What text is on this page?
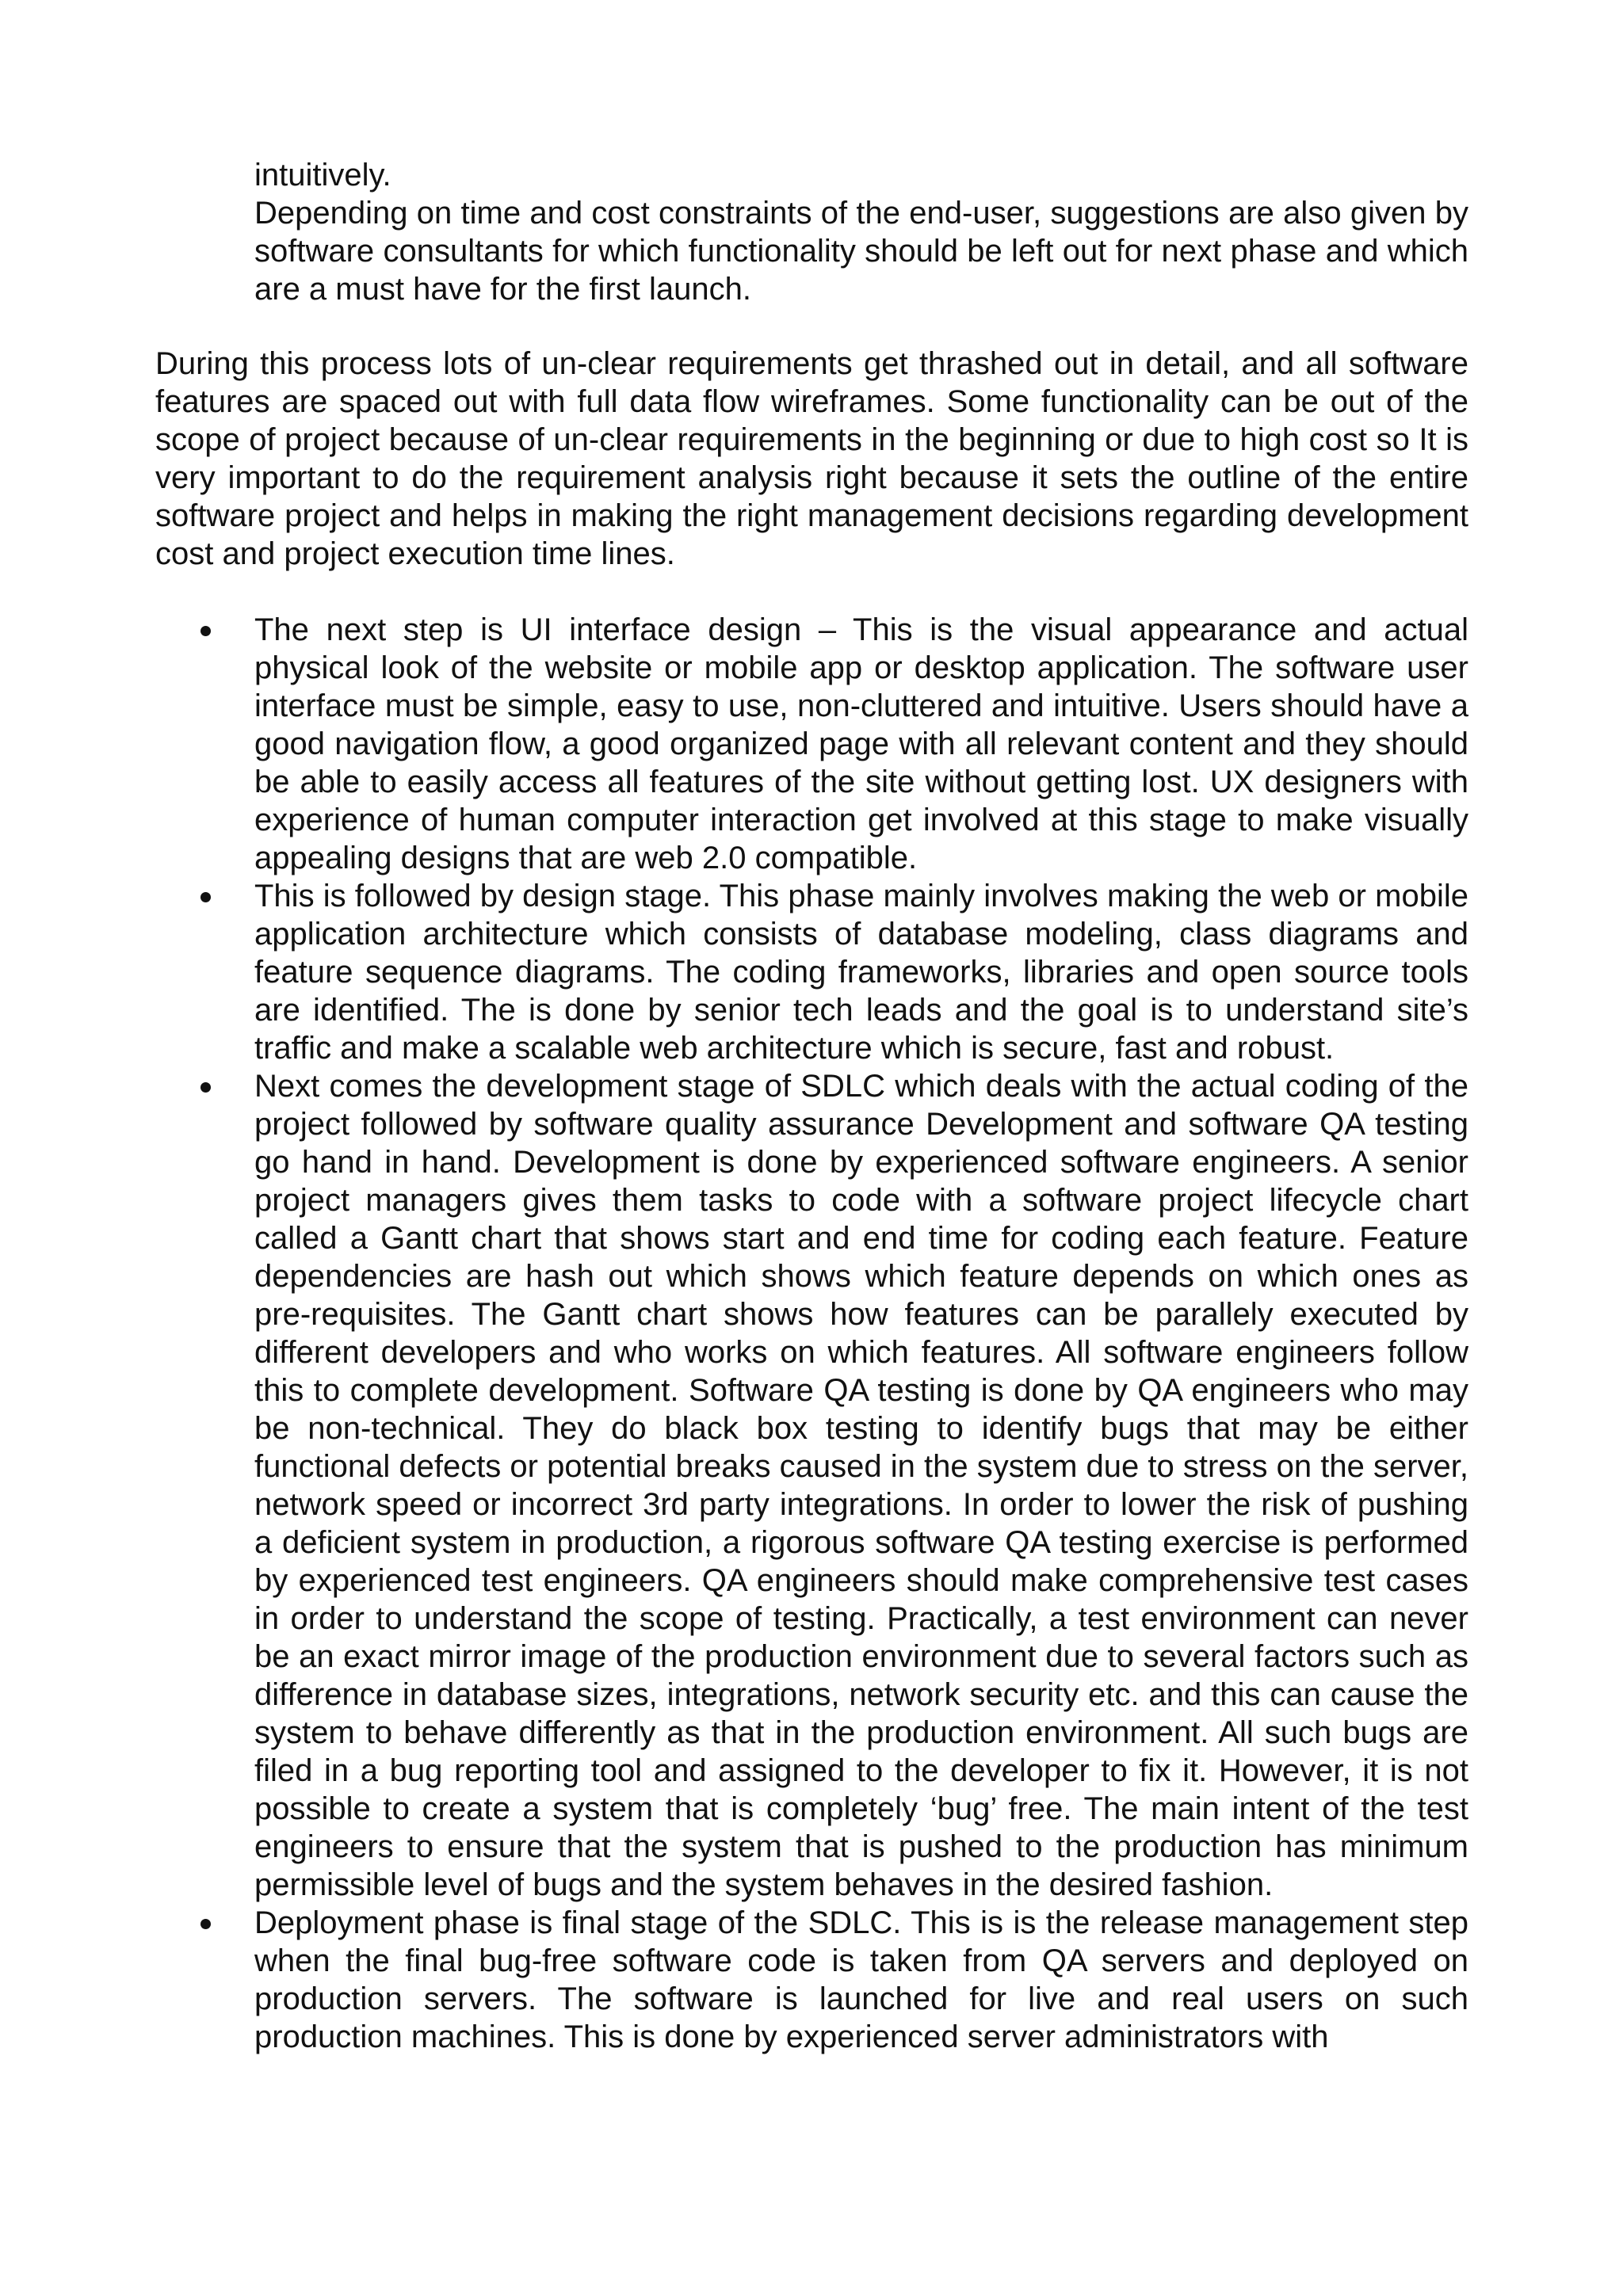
intuitively.

Depending on time and cost constraints of the end-user, suggestions are also given by software consultants for which functionality should be left out for next phase and which are a must have for the first launch.

During this process lots of un-clear requirements get thrashed out in detail, and all software features are spaced out with full data flow wireframes. Some functionality can be out of the scope of project because of un-clear requirements in the beginning or due to high cost so It is very important to do the requirement analysis right because it sets the outline of the entire software project and helps in making the right management decisions regarding development cost and project execution time lines.

The next step is UI interface design – This is the visual appearance and actual physical look of the website or mobile app or desktop application. The software user interface must be simple, easy to use, non-cluttered and intuitive. Users should have a good navigation flow, a good organized page with all relevant content and they should be able to easily access all features of the site without getting lost. UX designers with experience of human computer interaction get involved at this stage to make visually appealing designs that are web 2.0 compatible.
This is followed by design stage. This phase mainly involves making the web or mobile application architecture which consists of database modeling, class diagrams and feature sequence diagrams. The coding frameworks, libraries and open source tools are identified. The is done by senior tech leads and the goal is to understand site’s traffic and make a scalable web architecture which is secure, fast and robust.
Next comes the development stage of SDLC which deals with the actual coding of the project followed by software quality assurance Development and software QA testing go hand in hand. Development is done by experienced software engineers. A senior project managers gives them tasks to code with a software project lifecycle chart called a Gantt chart that shows start and end time for coding each feature. Feature dependencies are hash out which shows which feature depends on which ones as pre-requisites. The Gantt chart shows how features can be parallely executed by different developers and who works on which features. All software engineers follow this to complete development. Software QA testing is done by QA engineers who may be non-technical. They do black box testing to identify bugs that may be either functional defects or potential breaks caused in the system due to stress on the server, network speed or incorrect 3rd party integrations. In order to lower the risk of pushing a deficient system in production, a rigorous software QA testing exercise is performed by experienced test engineers. QA engineers should make comprehensive test cases in order to understand the scope of testing. Practically, a test environment can never be an exact mirror image of the production environment due to several factors such as difference in database sizes, integrations, network security etc. and this can cause the system to behave differently as that in the production environment. All such bugs are filed in a bug reporting tool and assigned to the developer to fix it. However, it is not possible to create a system that is completely ‘bug’ free. The main intent of the test engineers to ensure that the system that is pushed to the production has minimum permissible level of bugs and the system behaves in the desired fashion.
Deployment phase is final stage of the SDLC. This is is the release management step when the final bug-free software code is taken from QA servers and deployed on production servers. The software is launched for live and real users on such production machines. This is done by experienced server administrators with
